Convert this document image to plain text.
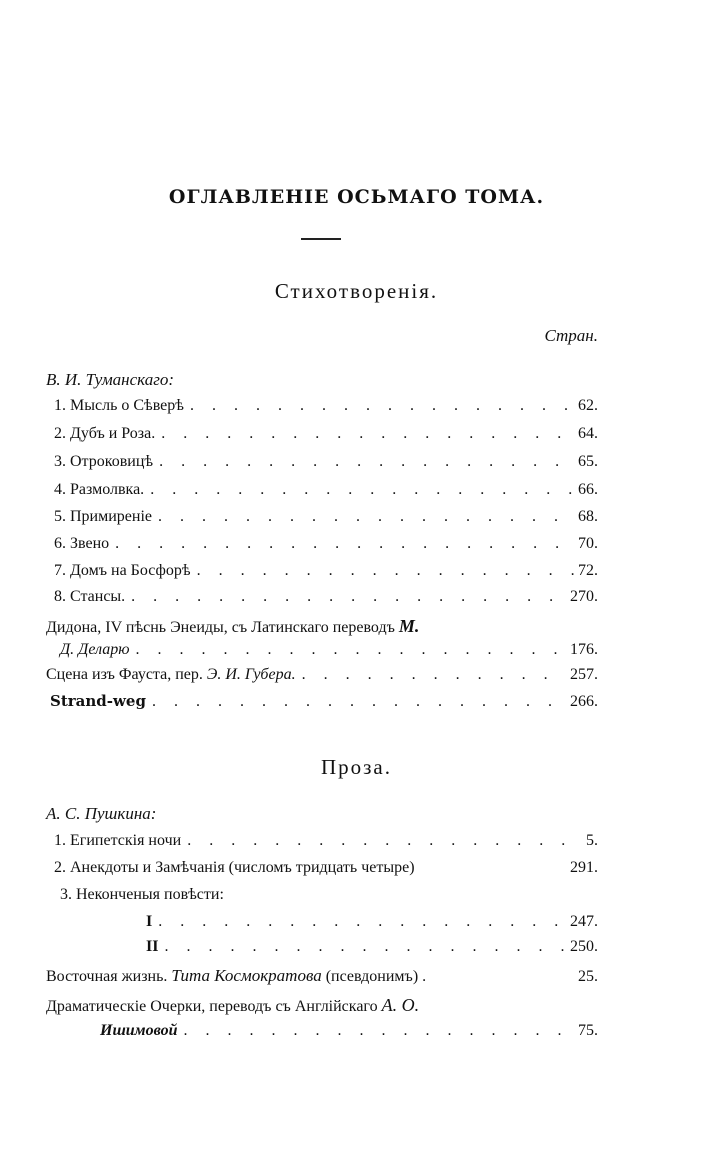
ОГЛАВЛЕНІЕ ОСЬМАГО ТОМА.
Стихотворенія.
Стран.
В. И. Туманскаго:
1. Мысль о Сѣверѣ . . .	62.
2. Дубъ и Роза. . . .	64.
3. Отроковицѣ . . .	65.
4. Размолвка. . . .	66.
5. Примиреніе . . .	68.
6. Звено . . .	70.
7. Домъ на Босфорѣ . . .	72.
8. Стансы. . . .	270.
Дидона, IV пѣснь Энеиды, съ Латинскаго переводъ М.
Д. Деларю . . .	176.
Сцена изъ Фауста, пер.
Э. И. Губера. . . .	257.
Strand-weg . . .	266.
Проза.
А. С. Пушкина:
1. Египетскія ночи . . .	5.
2. Анекдоты и Замѣчанія (числомъ тридцать четыре)	291.
3. Неконченыя повѣсти:
I . . .	247.
II . . .	250.
Восточная жизнь. Тита Космократова (псевдонимъ) .	25.
Драматическіе Очерки, переводъ съ Англійскаго А. О.
Ишимовой . . .	75.
